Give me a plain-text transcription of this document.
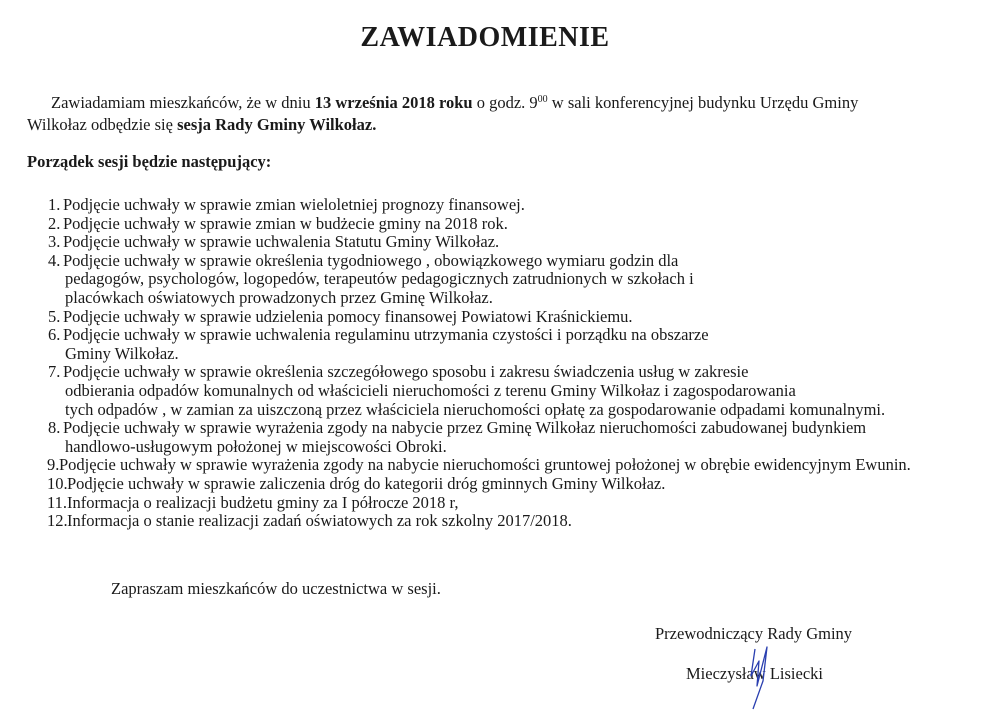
ZAWIADOMIENIE
Zawiadamiam mieszkańców, że w dniu 13 września 2018 roku o godz. $9^{00}$ w sali konferencyjnej budynku Urzędu Gminy
Wilkołaz odbędzie się sesja Rady Gminy Wilkołaz.
Porządek sesji będzie następujący:
1. Podjęcie uchwały w sprawie zmian wieloletniej prognozy finansowej.
2. Podjęcie uchwały w sprawie zmian w budżecie gminy na 2018 rok.
3. Podjęcie uchwały w sprawie uchwalenia Statutu Gminy Wilkołaz.
4. Podjęcie uchwały w sprawie określenia tygodniowego , obowiązkowego wymiaru godzin dla
pedagogów, psychologów, logopedów, terapeutów pedagogicznych zatrudnionych w szkołach i
placówkach oświatowych prowadzonych przez Gminę Wilkołaz.
5. Podjęcie uchwały w sprawie udzielenia pomocy finansowej Powiatowi Kraśnickiemu.
6. Podjęcie uchwały w sprawie uchwalenia regulaminu utrzymania czystości i porządku na obszarze
Gminy Wilkołaz.
7. Podjęcie uchwały w sprawie określenia szczegółowego sposobu i zakresu świadczenia usług w zakresie
odbierania odpadów komunalnych od właścicieli nieruchomości z terenu Gminy Wilkołaz i zagospodarowania
tych odpadów , w zamian za uiszczoną przez właściciela nieruchomości opłatę za gospodarowanie odpadami komunalnymi.
8. Podjęcie uchwały w sprawie wyrażenia zgody na nabycie przez Gminę Wilkołaz nieruchomości zabudowanej budynkiem
handlowo-usługowym położonej w miejscowości Obroki.
9. Podjęcie uchwały w sprawie wyrażenia zgody na nabycie nieruchomości gruntowej położonej w obrębie ewidencyjnym Ewunin.
10. Podjęcie uchwały w sprawie zaliczenia dróg do kategorii dróg gminnych Gminy Wilkołaz.
11. Informacja o realizacji budżetu gminy za I półrocze 2018 r,
12. Informacja o stanie realizacji zadań oświatowych za rok szkolny 2017/2018.
Zapraszam mieszkańców do uczestnictwa w sesji.
Przewodniczący Rady Gminy
Mieczysław Lisiecki
